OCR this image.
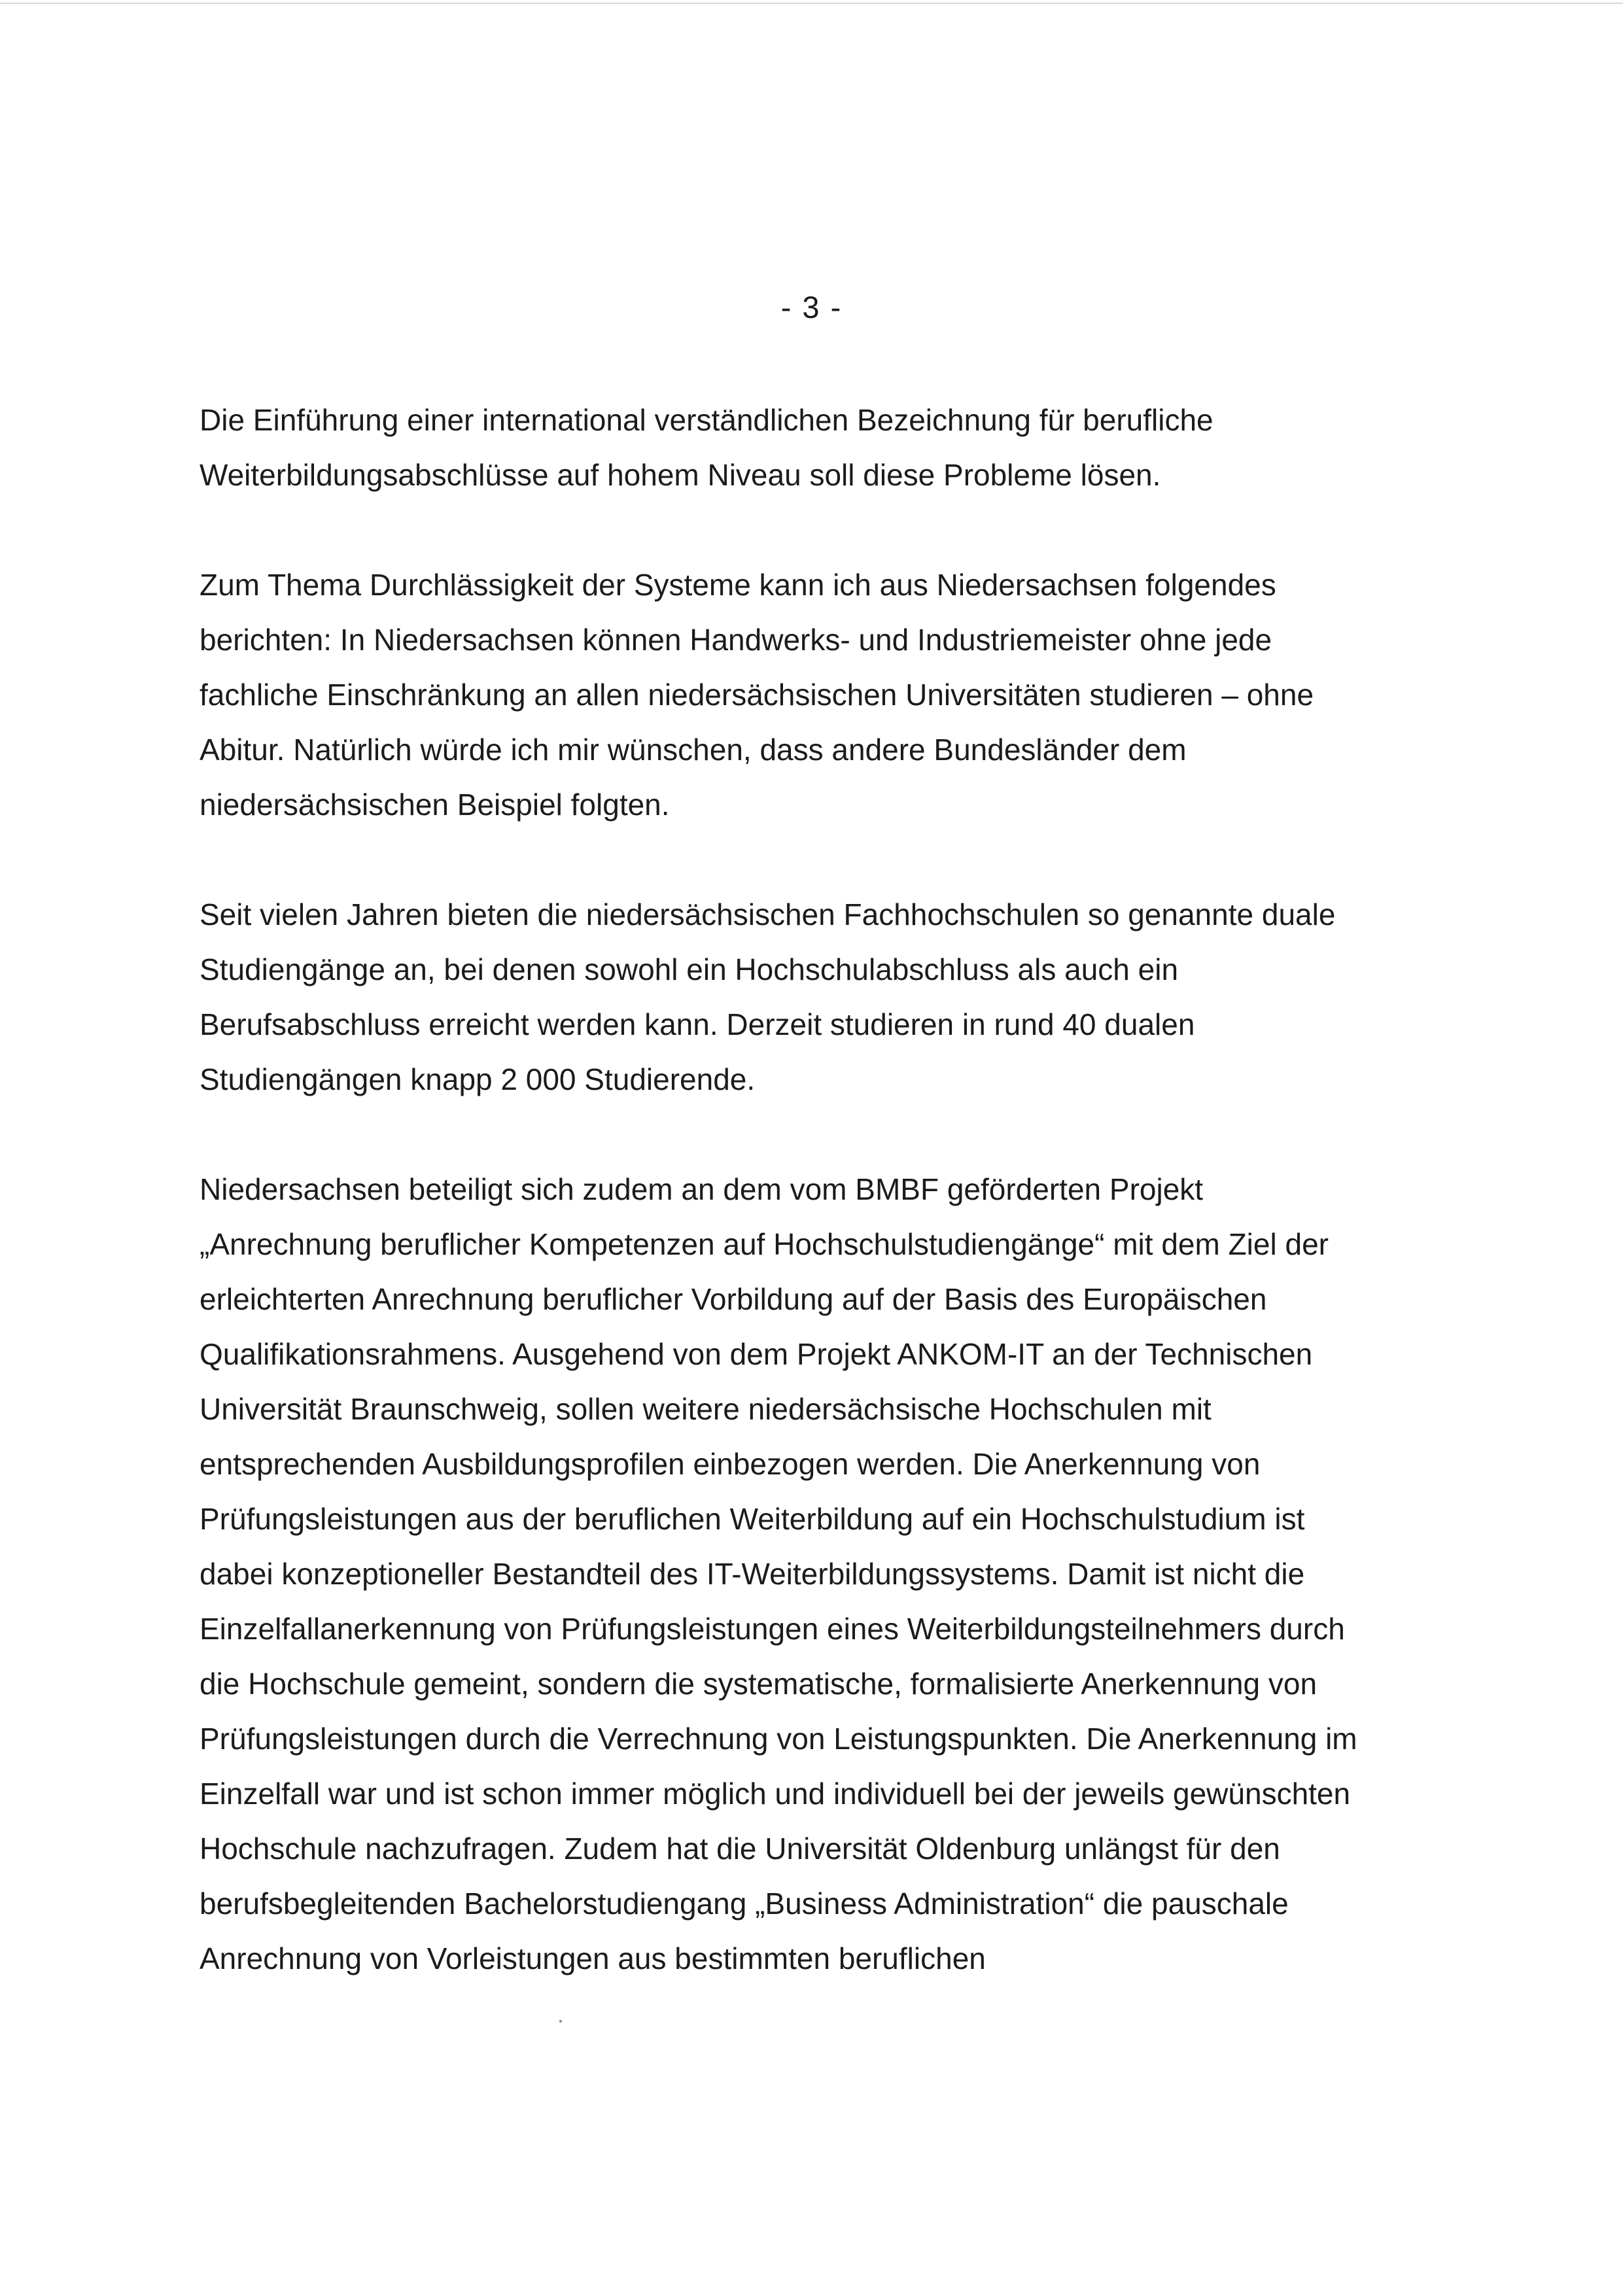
- 3 -

Die Einführung einer international verständlichen Bezeichnung für berufliche
Weiterbildungsabschlüsse auf hohem Niveau soll diese Probleme lösen.

Zum Thema Durchlässigkeit der Systeme kann ich aus Niedersachsen folgendes
berichten: In Niedersachsen können Handwerks- und Industriemeister ohne jede
fachliche Einschränkung an allen niedersächsischen Universitäten studieren – ohne
Abitur. Natürlich würde ich mir wünschen, dass andere Bundesländer dem
niedersächsischen Beispiel folgten.

Seit vielen Jahren bieten die niedersächsischen Fachhochschulen so genannte duale
Studiengänge an, bei denen sowohl ein Hochschulabschluss als auch ein
Berufsabschluss erreicht werden kann. Derzeit studieren in rund 40 dualen
Studiengängen knapp 2 000 Studierende.

Niedersachsen beteiligt sich zudem an dem vom BMBF geförderten Projekt
„Anrechnung beruflicher Kompetenzen auf Hochschulstudiengänge“ mit dem Ziel der
erleichterten Anrechnung beruflicher Vorbildung auf der Basis des Europäischen
Qualifikationsrahmens. Ausgehend von dem Projekt ANKOM-IT an der Technischen
Universität Braunschweig, sollen weitere niedersächsische Hochschulen mit
entsprechenden Ausbildungsprofilen einbezogen werden. Die Anerkennung von
Prüfungsleistungen aus der beruflichen Weiterbildung auf ein Hochschulstudium ist
dabei konzeptioneller Bestandteil des IT-Weiterbildungssystems. Damit ist nicht die
Einzelfallanerkennung von Prüfungsleistungen eines Weiterbildungsteilnehmers durch
die Hochschule gemeint, sondern die systematische, formalisierte Anerkennung von
Prüfungsleistungen durch die Verrechnung von Leistungspunkten. Die Anerkennung im
Einzelfall war und ist schon immer möglich und individuell bei der jeweils gewünschten
Hochschule nachzufragen. Zudem hat die Universität Oldenburg unlängst für den
berufsbegleitenden Bachelorstudiengang „Business Administration“ die pauschale
Anrechnung von Vorleistungen aus bestimmten beruflichen
